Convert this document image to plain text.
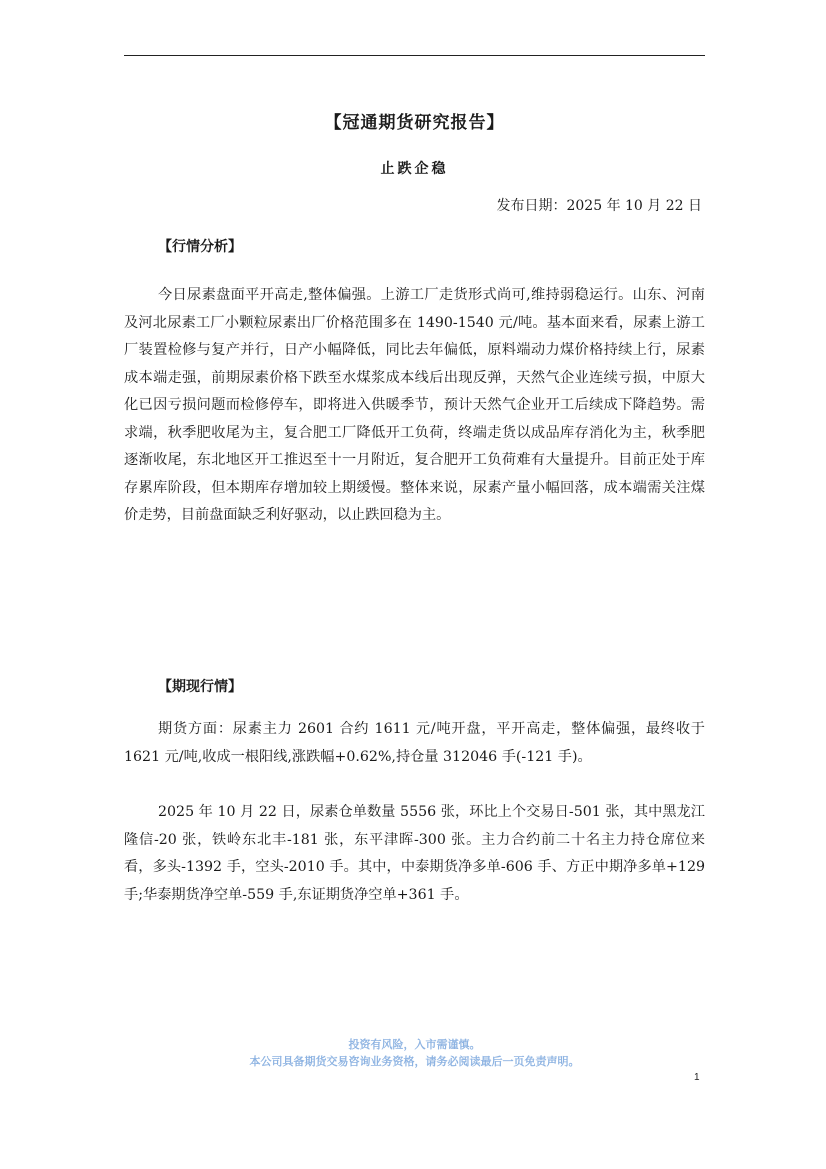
【冠通期货研究报告】
止跌企稳
发布日期：2025 年 10 月 22 日
【行情分析】

今日尿素盘面平开高走,整体偏强。上游工厂走货形式尚可,维持弱稳运行。山东、河南及河北尿素工厂小颗粒尿素出厂价格范围多在 1490-1540 元/吨。基本面来看，尿素上游工厂装置检修与复产并行，日产小幅降低，同比去年偏低，原料端动力煤价格持续上行，尿素成本端走强，前期尿素价格下跌至水煤浆成本线后出现反弹，天然气企业连续亏损，中原大化已因亏损问题而检修停车，即将进入供暖季节，预计天然气企业开工后续成下降趋势。需求端，秋季肥收尾为主，复合肥工厂降低开工负荷，终端走货以成品库存消化为主，秋季肥逐渐收尾，东北地区开工推迟至十一月附近，复合肥开工负荷难有大量提升。目前正处于库存累库阶段，但本期库存增加较上期缓慢。整体来说，尿素产量小幅回落，成本端需关注煤价走势，目前盘面缺乏利好驱动，以止跌回稳为主。

【期现行情】

期货方面：尿素主力 2601 合约 1611 元/吨开盘，平开高走，整体偏强，最终收于 1621 元/吨,收成一根阳线,涨跌幅+0.62%,持仓量 312046 手(-121 手)。

2025 年 10 月 22 日，尿素仓单数量 5556 张，环比上个交易日-501 张，其中黑龙江隆信-20 张，铁岭东北丰-181 张，东平津晖-300 张。主力合约前二十名主力持仓席位来看，多头-1392 手，空头-2010 手。其中，中泰期货净多单-606 手、方正中期净多单+129 手;华泰期货净空单-559 手,东证期货净空单+361 手。

投资有风险，入市需谨慎。
本公司具备期货交易咨询业务资格，请务必阅读最后一页免责声明。
1
